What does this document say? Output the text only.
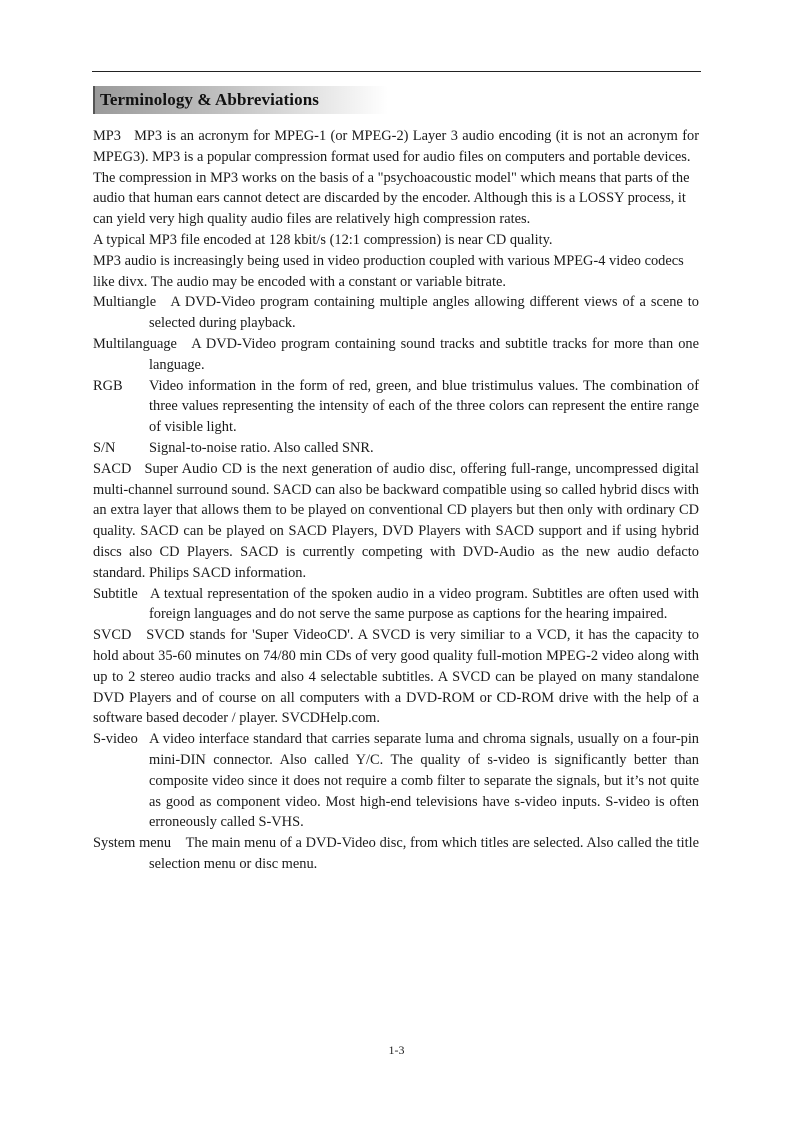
Terminology & Abbreviations

MP3 MP3 is an acronym for MPEG-1 (or MPEG-2) Layer 3 audio encoding (it is not an acronym for MPEG3). MP3 is a popular compression format used for audio files on computers and portable devices.

The compression in MP3 works on the basis of a "psychoacoustic model" which means that parts of the audio that human ears cannot detect are discarded by the encoder. Although this is a LOSSY process, it can yield very high quality audio files are relatively high compression rates.

A typical MP3 file encoded at 128 kbit/s (12:1 compression) is near CD quality.

MP3 audio is increasingly being used in video production coupled with various MPEG-4 video codecs like divx. The audio may be encoded with a constant or variable bitrate.

Multiangle A DVD-Video program containing multiple angles allowing different views of a scene to selected during playback.

Multilanguage A DVD-Video program containing sound tracks and subtitle tracks for more than one language.

RGB Video information in the form of red, green, and blue tristimulus values. The combination of three values representing the intensity of each of the three colors can represent the entire range of visible light.

S/N Signal-to-noise ratio. Also called SNR.

SACD Super Audio CD is the next generation of audio disc, offering full-range, uncompressed digital multi-channel surround sound. SACD can also be backward compatible using so called hybrid discs with an extra layer that allows them to be played on conventional CD players but then only with ordinary CD quality. SACD can be played on SACD Players, DVD Players with SACD support and if using hybrid discs also CD Players. SACD is currently competing with DVD-Audio as the new audio defacto standard. Philips SACD information.

Subtitle A textual representation of the spoken audio in a video program. Subtitles are often used with foreign languages and do not serve the same purpose as captions for the hearing impaired.

SVCD SVCD stands for 'Super VideoCD'. A SVCD is very similiar to a VCD, it has the capacity to hold about 35-60 minutes on 74/80 min CDs of very good quality full-motion MPEG-2 video along with up to 2 stereo audio tracks and also 4 selectable subtitles. A SVCD can be played on many standalone DVD Players and of course on all computers with a DVD-ROM or CD-ROM drive with the help of a software based decoder / player. SVCDHelp.com.

S-video A video interface standard that carries separate luma and chroma signals, usually on a four-pin mini-DIN connector. Also called Y/C. The quality of s-video is significantly better than composite video since it does not require a comb filter to separate the signals, but it’s not quite as good as component video. Most high-end televisions have s-video inputs. S-video is often erroneously called S-VHS.

System menu The main menu of a DVD-Video disc, from which titles are selected. Also called the title selection menu or disc menu.

1-3
